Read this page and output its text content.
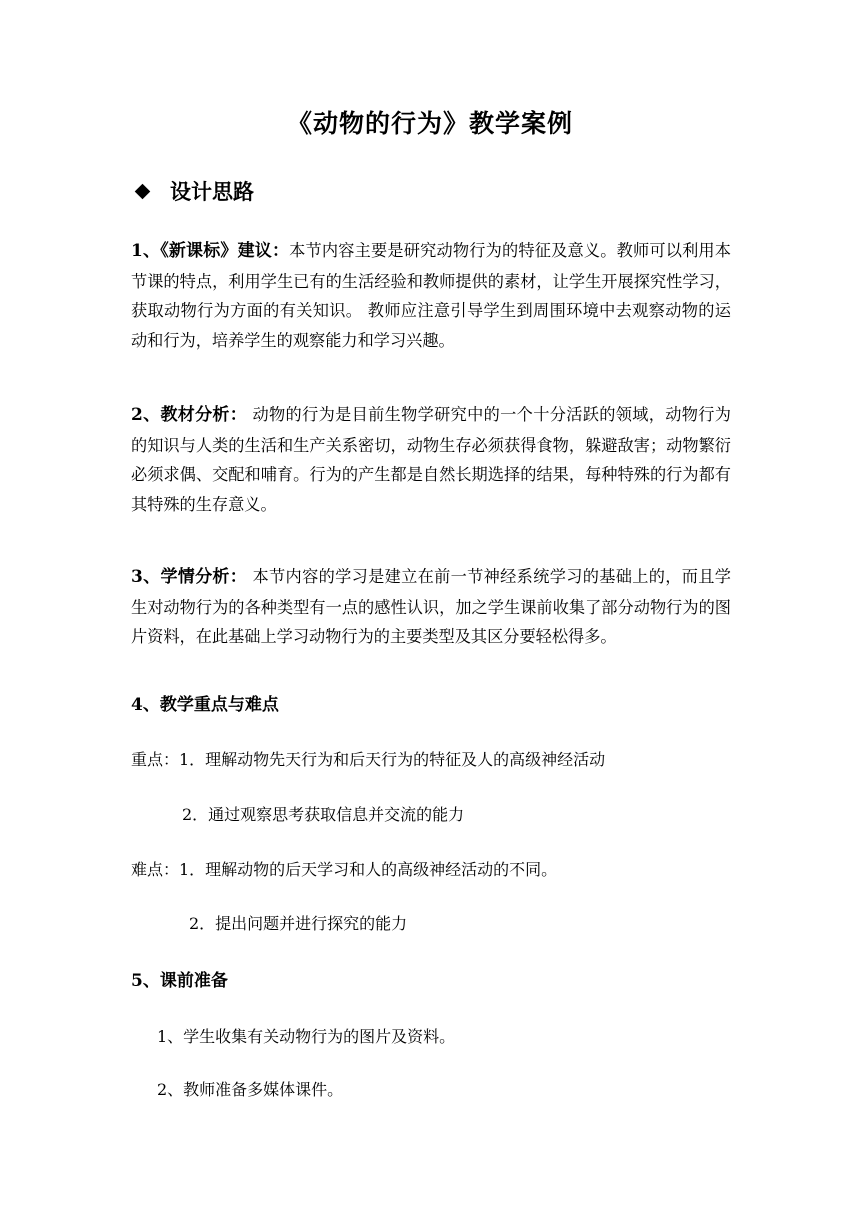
《动物的行为》教学案例
设计思路

1、《新课标》建议：本节内容主要是研究动物行为的特征及意义。教师可以利用本节课的特点，利用学生已有的生活经验和教师提供的素材，让学生开展探究性学习，获取动物行为方面的有关知识。 教师应注意引导学生到周围环境中去观察动物的运动和行为，培养学生的观察能力和学习兴趣。

2、教材分析： 动物的行为是目前生物学研究中的一个十分活跃的领域，动物行为的知识与人类的生活和生产关系密切，动物生存必须获得食物，躲避敌害；动物繁衍必须求偶、交配和哺育。行为的产生都是自然长期选择的结果，每种特殊的行为都有其特殊的生存意义。

3、学情分析： 本节内容的学习是建立在前一节神经系统学习的基础上的，而且学生对动物行为的各种类型有一点的感性认识，加之学生课前收集了部分动物行为的图片资料，在此基础上学习动物行为的主要类型及其区分要轻松得多。

4、教学重点与难点
重点：1．理解动物先天行为和后天行为的特征及人的高级神经活动
2．通过观察思考获取信息并交流的能力
难点：1．理解动物的后天学习和人的高级神经活动的不同。
2．提出问题并进行探究的能力
5、课前准备
1、学生收集有关动物行为的图片及资料。
2、教师准备多媒体课件。
